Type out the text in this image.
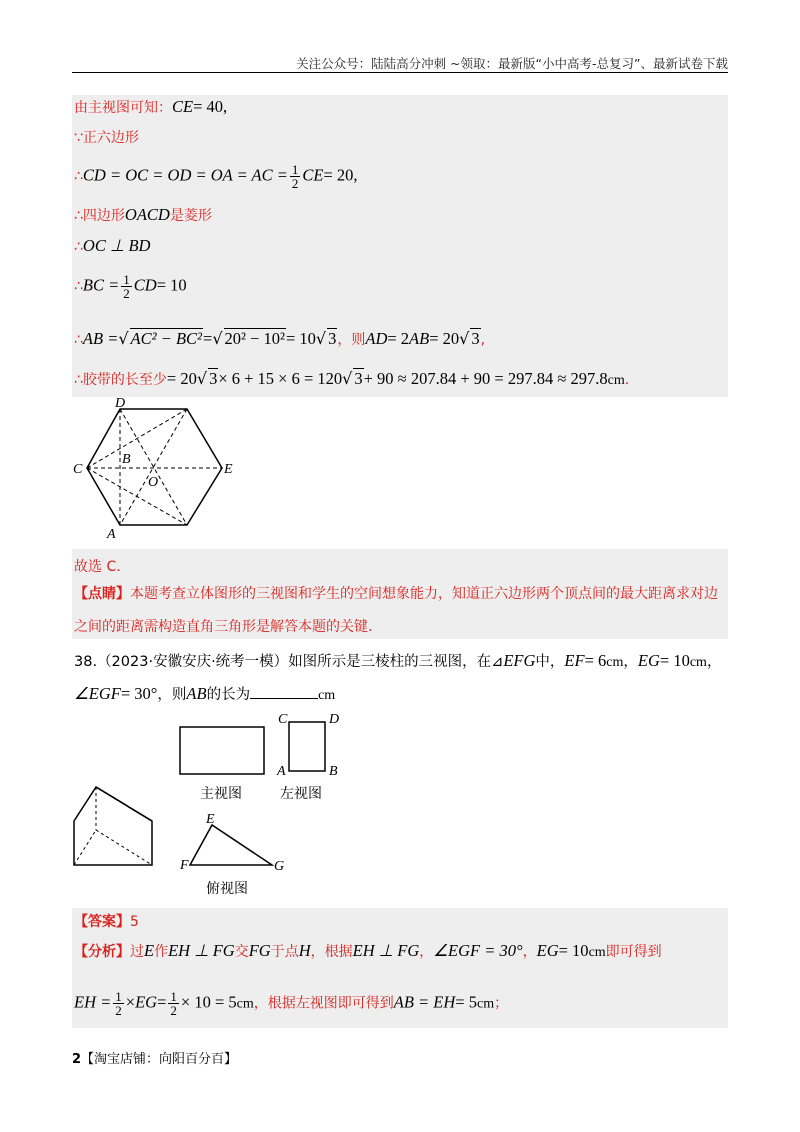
关注公众号：陆陆高分冲刺 ~领取：最新版“小中高考-总复习”、最新试卷下载
由主视图可知：CE= 40,
∵正六边形
∴CD = OC = OD = OA = AC = $\frac{1}{2} CE= 20$,
∴四边形OACD是菱形
∴OC ⊥ BD
∴BC = $\frac{1}{2} CD= 10$
∴AB =√ AC² − BC²=√ 20² − 10²= 10√ 3，则AD= 2AB= 20√ 3,
∴胶带的长至少= 20√ 3× 6 + 15 × 6 = 120√ 3+ 90 ≈ 207.84 + 90 = 297.84 ≈ 297.8cm.
D
C	E
B
O
A
故选 C.
【点睛】本题考查立体图形的三视图和学生的空间想象能力，知道正六边形两个顶点间的最大距离求对边之间的距离需构造直角三角形是解答本题的关键.
38.（2023·安徽安庆·统考一模）如图所示是三棱柱的三视图，在⊿EFG中，EF= 6cm，EG= 10cm，
∠EGF= 30°，则AB的长为	cm
主视图
C	D
A	B
左视图
E
F	G
俯视图
【答案】5
【分析】过E作EH ⊥ FG交FG于点H，根据EH ⊥ FG，∠EGF = 30°，EG= 10cm即可得到
EH = $\frac{1}{2} \times EG= \frac{1}{2} \times 10 = 5cm$，根据左视图即可得到AB = EH= 5cm；
2【淘宝店铺：向阳百分百】
